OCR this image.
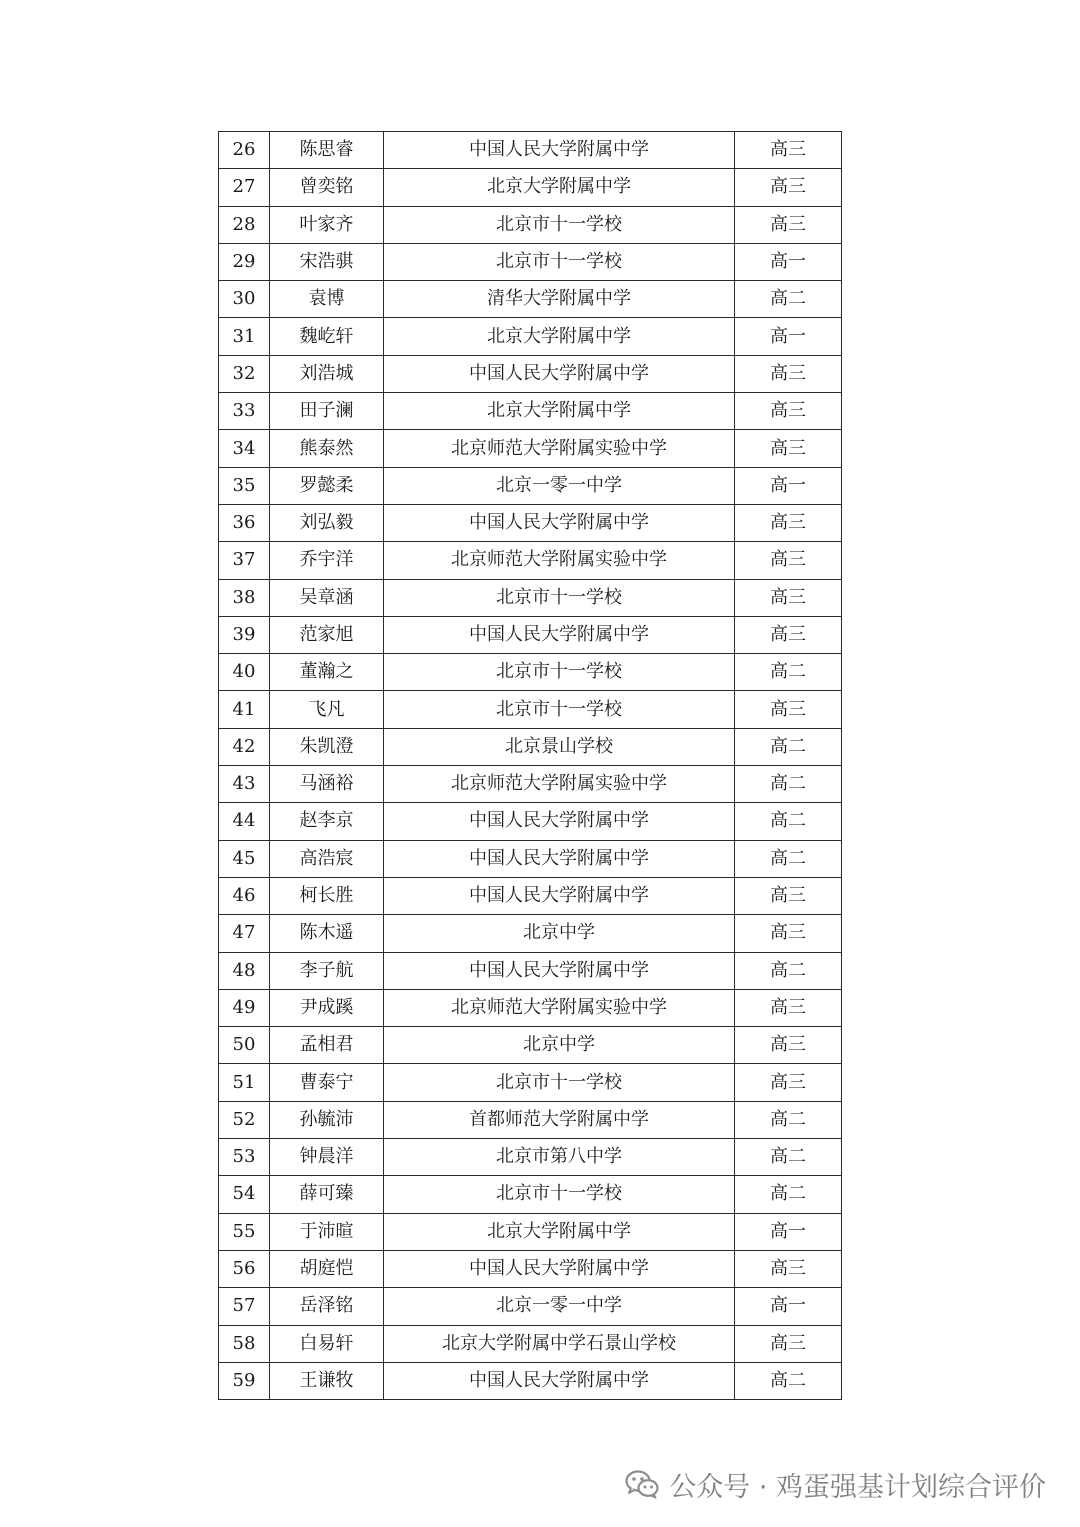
26	陈思睿	中国人民大学附属中学	高三
27	曾奕铭	北京大学附属中学	高三
28	叶家齐	北京市十一学校	高三
29	宋浩骐	北京市十一学校	高一
30	袁博	清华大学附属中学	高二
31	魏屹轩	北京大学附属中学	高一
32	刘浩城	中国人民大学附属中学	高三
33	田子澜	北京大学附属中学	高三
34	熊泰然	北京师范大学附属实验中学	高三
35	罗懿柔	北京一零一中学	高一
36	刘弘毅	中国人民大学附属中学	高三
37	乔宇洋	北京师范大学附属实验中学	高三
38	吴章涵	北京市十一学校	高三
39	范家旭	中国人民大学附属中学	高三
40	董瀚之	北京市十一学校	高二
41	飞凡	北京市十一学校	高三
42	朱凯澄	北京景山学校	高二
43	马涵裕	北京师范大学附属实验中学	高二
44	赵李京	中国人民大学附属中学	高二
45	高浩宸	中国人民大学附属中学	高二
46	柯长胜	中国人民大学附属中学	高三
47	陈木遥	北京中学	高三
48	李子航	中国人民大学附属中学	高二
49	尹成蹊	北京师范大学附属实验中学	高三
50	孟相君	北京中学	高三
51	曹泰宁	北京市十一学校	高三
52	孙毓沛	首都师范大学附属中学	高二
53	钟晨洋	北京市第八中学	高二
54	薛可臻	北京市十一学校	高二
55	于沛暄	北京大学附属中学	高一
56	胡庭恺	中国人民大学附属中学	高三
57	岳泽铭	北京一零一中学	高一
58	白易轩	北京大学附属中学石景山学校	高三
59	王谦牧	中国人民大学附属中学	高二
公众号 · 鸡蛋强基计划综合评价
